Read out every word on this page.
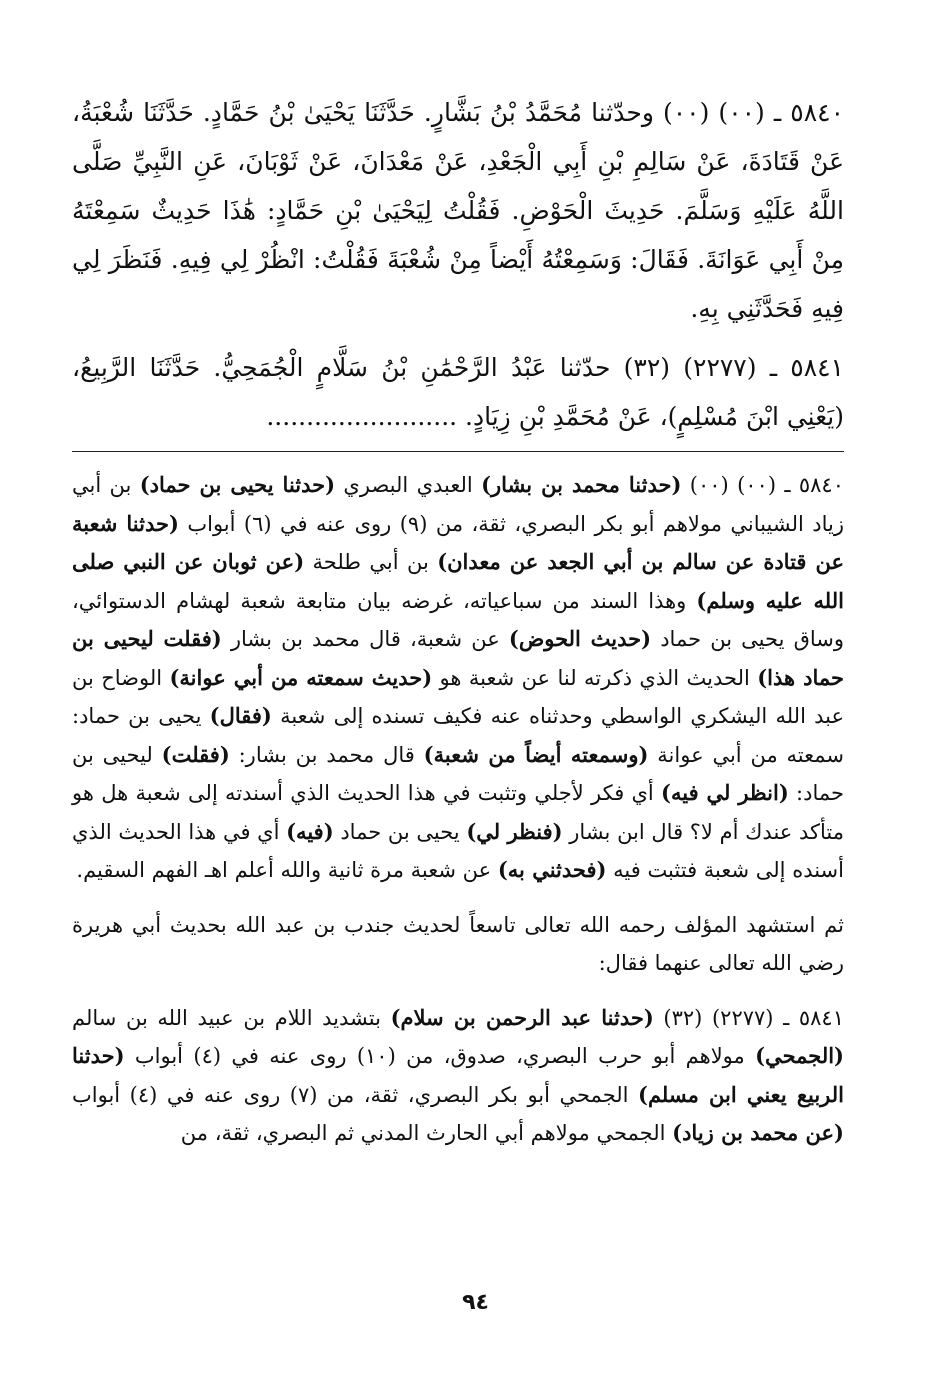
٥٨٤٠ ـ (٠٠) (٠٠) وحدّثنا مُحَمَّدُ بْنُ بَشَّارٍ. حَدَّثَنَا يَحْيَىٰ بْنُ حَمَّادٍ. حَدَّثَنَا شُعْبَةُ، عَنْ قَتَادَةَ، عَنْ سَالِمِ بْنِ أَبِي الْجَعْدِ، عَنْ مَعْدَانَ، عَنْ ثَوْبَانَ، عَنِ النَّبِيِّ صَلَّى اللَّهُ عَلَيْهِ وَسَلَّمَ. حَدِيثَ الْحَوْضِ. فَقُلْتُ لِيَحْيَىٰ بْنِ حَمَّادٍ: هَٰذَا حَدِيثٌ سَمِعْتَهُ مِنْ أَبِي عَوَانَةَ. فَقَالَ: وَسَمِعْتُهُ أَيْضاً مِنْ شُعْبَةَ فَقُلْتُ: انْظُرْ لِي فِيهِ. فَنَظَرَ لِي فِيهِ فَحَدَّثَنِي بِهِ.

٥٨٤١ ـ (٢٢٧٧) (٣٢) حدّثنا عَبْدُ الرَّحْمَٰنِ بْنُ سَلَّامٍ الْجُمَحِيُّ. حَدَّثَنَا الرَّبِيعُ، (يَعْنِي ابْنَ مُسْلِمٍ)، عَنْ مُحَمَّدِ بْنِ زِيَادٍ. ........................

٥٨٤٠ ـ (٠٠) (٠٠) (حدثنا محمد بن بشار) العبدي البصري (حدثنا يحيى بن حماد) بن أبي زياد الشيباني مولاهم أبو بكر البصري، ثقة، من (٩) روى عنه في (٦) أبواب (حدثنا شعبة عن قتادة عن سالم بن أبي الجعد عن معدان) بن أبي طلحة (عن ثوبان عن النبي صلى الله عليه وسلم) وهذا السند من سباعياته، غرضه بيان متابعة شعبة لهشام الدستوائي، وساق يحيى بن حماد (حديث الحوض) عن شعبة، قال محمد بن بشار (فقلت ليحيى بن حماد هذا) الحديث الذي ذكرته لنا عن شعبة هو (حديث سمعته من أبي عوانة) الوضاح بن عبد الله اليشكري الواسطي وحدثناه عنه فكيف تسنده إلى شعبة (فقال) يحيى بن حماد: سمعته من أبي عوانة (وسمعته أيضاً من شعبة) قال محمد بن بشار: (فقلت) ليحيى بن حماد: (انظر لي فيه) أي فكر لأجلي وتثبت في هذا الحديث الذي أسندته إلى شعبة هل هو متأكد عندك أم لا؟ قال ابن بشار (فنظر لي) يحيى بن حماد (فيه) أي في هذا الحديث الذي أسنده إلى شعبة فتثبت فيه (فحدثني به) عن شعبة مرة ثانية والله أعلم اهـ الفهم السقيم.

ثم استشهد المؤلف رحمه الله تعالى تاسعاً لحديث جندب بن عبد الله بحديث أبي هريرة رضي الله تعالى عنهما فقال:

٥٨٤١ ـ (٢٢٧٧) (٣٢) (حدثنا عبد الرحمن بن سلام) بتشديد اللام بن عبيد الله بن سالم (الجمحي) مولاهم أبو حرب البصري، صدوق، من (١٠) روى عنه في (٤) أبواب (حدثنا الربيع يعني ابن مسلم) الجمحي أبو بكر البصري، ثقة، من (٧) روى عنه في (٤) أبواب (عن محمد بن زياد) الجمحي مولاهم أبي الحارث المدني ثم البصري، ثقة، من

٩٤
